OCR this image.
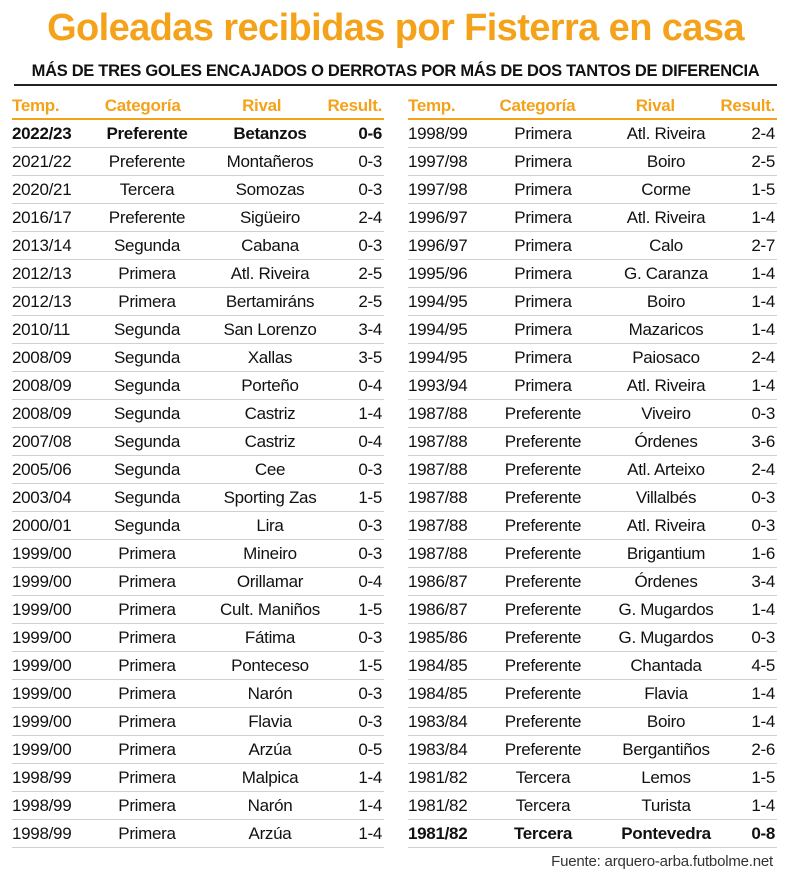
Goleadas recibidas por Fisterra en casa
MÁS DE TRES GOLES ENCAJADOS O DERROTAS POR MÁS DE DOS TANTOS DE DIFERENCIA
Temp.	Categoría	Rival	Result.
2022/23	Preferente	Betanzos	0-6
2021/22	Preferente	Montañeros	0-3
2020/21	Tercera	Somozas	0-3
2016/17	Preferente	Sigüeiro	2-4
2013/14	Segunda	Cabana	0-3
2012/13	Primera	Atl. Riveira	2-5
2012/13	Primera	Bertamiráns	2-5
2010/11	Segunda	San Lorenzo	3-4
2008/09	Segunda	Xallas	3-5
2008/09	Segunda	Porteño	0-4
2008/09	Segunda	Castriz	1-4
2007/08	Segunda	Castriz	0-4
2005/06	Segunda	Cee	0-3
2003/04	Segunda	Sporting Zas	1-5
2000/01	Segunda	Lira	0-3
1999/00	Primera	Mineiro	0-3
1999/00	Primera	Orillamar	0-4
1999/00	Primera	Cult. Maniños	1-5
1999/00	Primera	Fátima	0-3
1999/00	Primera	Ponteceso	1-5
1999/00	Primera	Narón	0-3
1999/00	Primera	Flavia	0-3
1999/00	Primera	Arzúa	0-5
1998/99	Primera	Malpica	1-4
1998/99	Primera	Narón	1-4
1998/99	Primera	Arzúa	1-4
Temp.	Categoría	Rival	Result.
1998/99	Primera	Atl. Riveira	2-4
1997/98	Primera	Boiro	2-5
1997/98	Primera	Corme	1-5
1996/97	Primera	Atl. Riveira	1-4
1996/97	Primera	Calo	2-7
1995/96	Primera	G. Caranza	1-4
1994/95	Primera	Boiro	1-4
1994/95	Primera	Mazaricos	1-4
1994/95	Primera	Paiosaco	2-4
1993/94	Primera	Atl. Riveira	1-4
1987/88	Preferente	Viveiro	0-3
1987/88	Preferente	Órdenes	3-6
1987/88	Preferente	Atl. Arteixo	2-4
1987/88	Preferente	Villalbés	0-3
1987/88	Preferente	Atl. Riveira	0-3
1987/88	Preferente	Brigantium	1-6
1986/87	Preferente	Órdenes	3-4
1986/87	Preferente	G. Mugardos	1-4
1985/86	Preferente	G. Mugardos	0-3
1984/85	Preferente	Chantada	4-5
1984/85	Preferente	Flavia	1-4
1983/84	Preferente	Boiro	1-4
1983/84	Preferente	Bergantiños	2-6
1981/82	Tercera	Lemos	1-5
1981/82	Tercera	Turista	1-4
1981/82	Tercera	Pontevedra	0-8
Fuente: arquero-arba.futbolme.net
